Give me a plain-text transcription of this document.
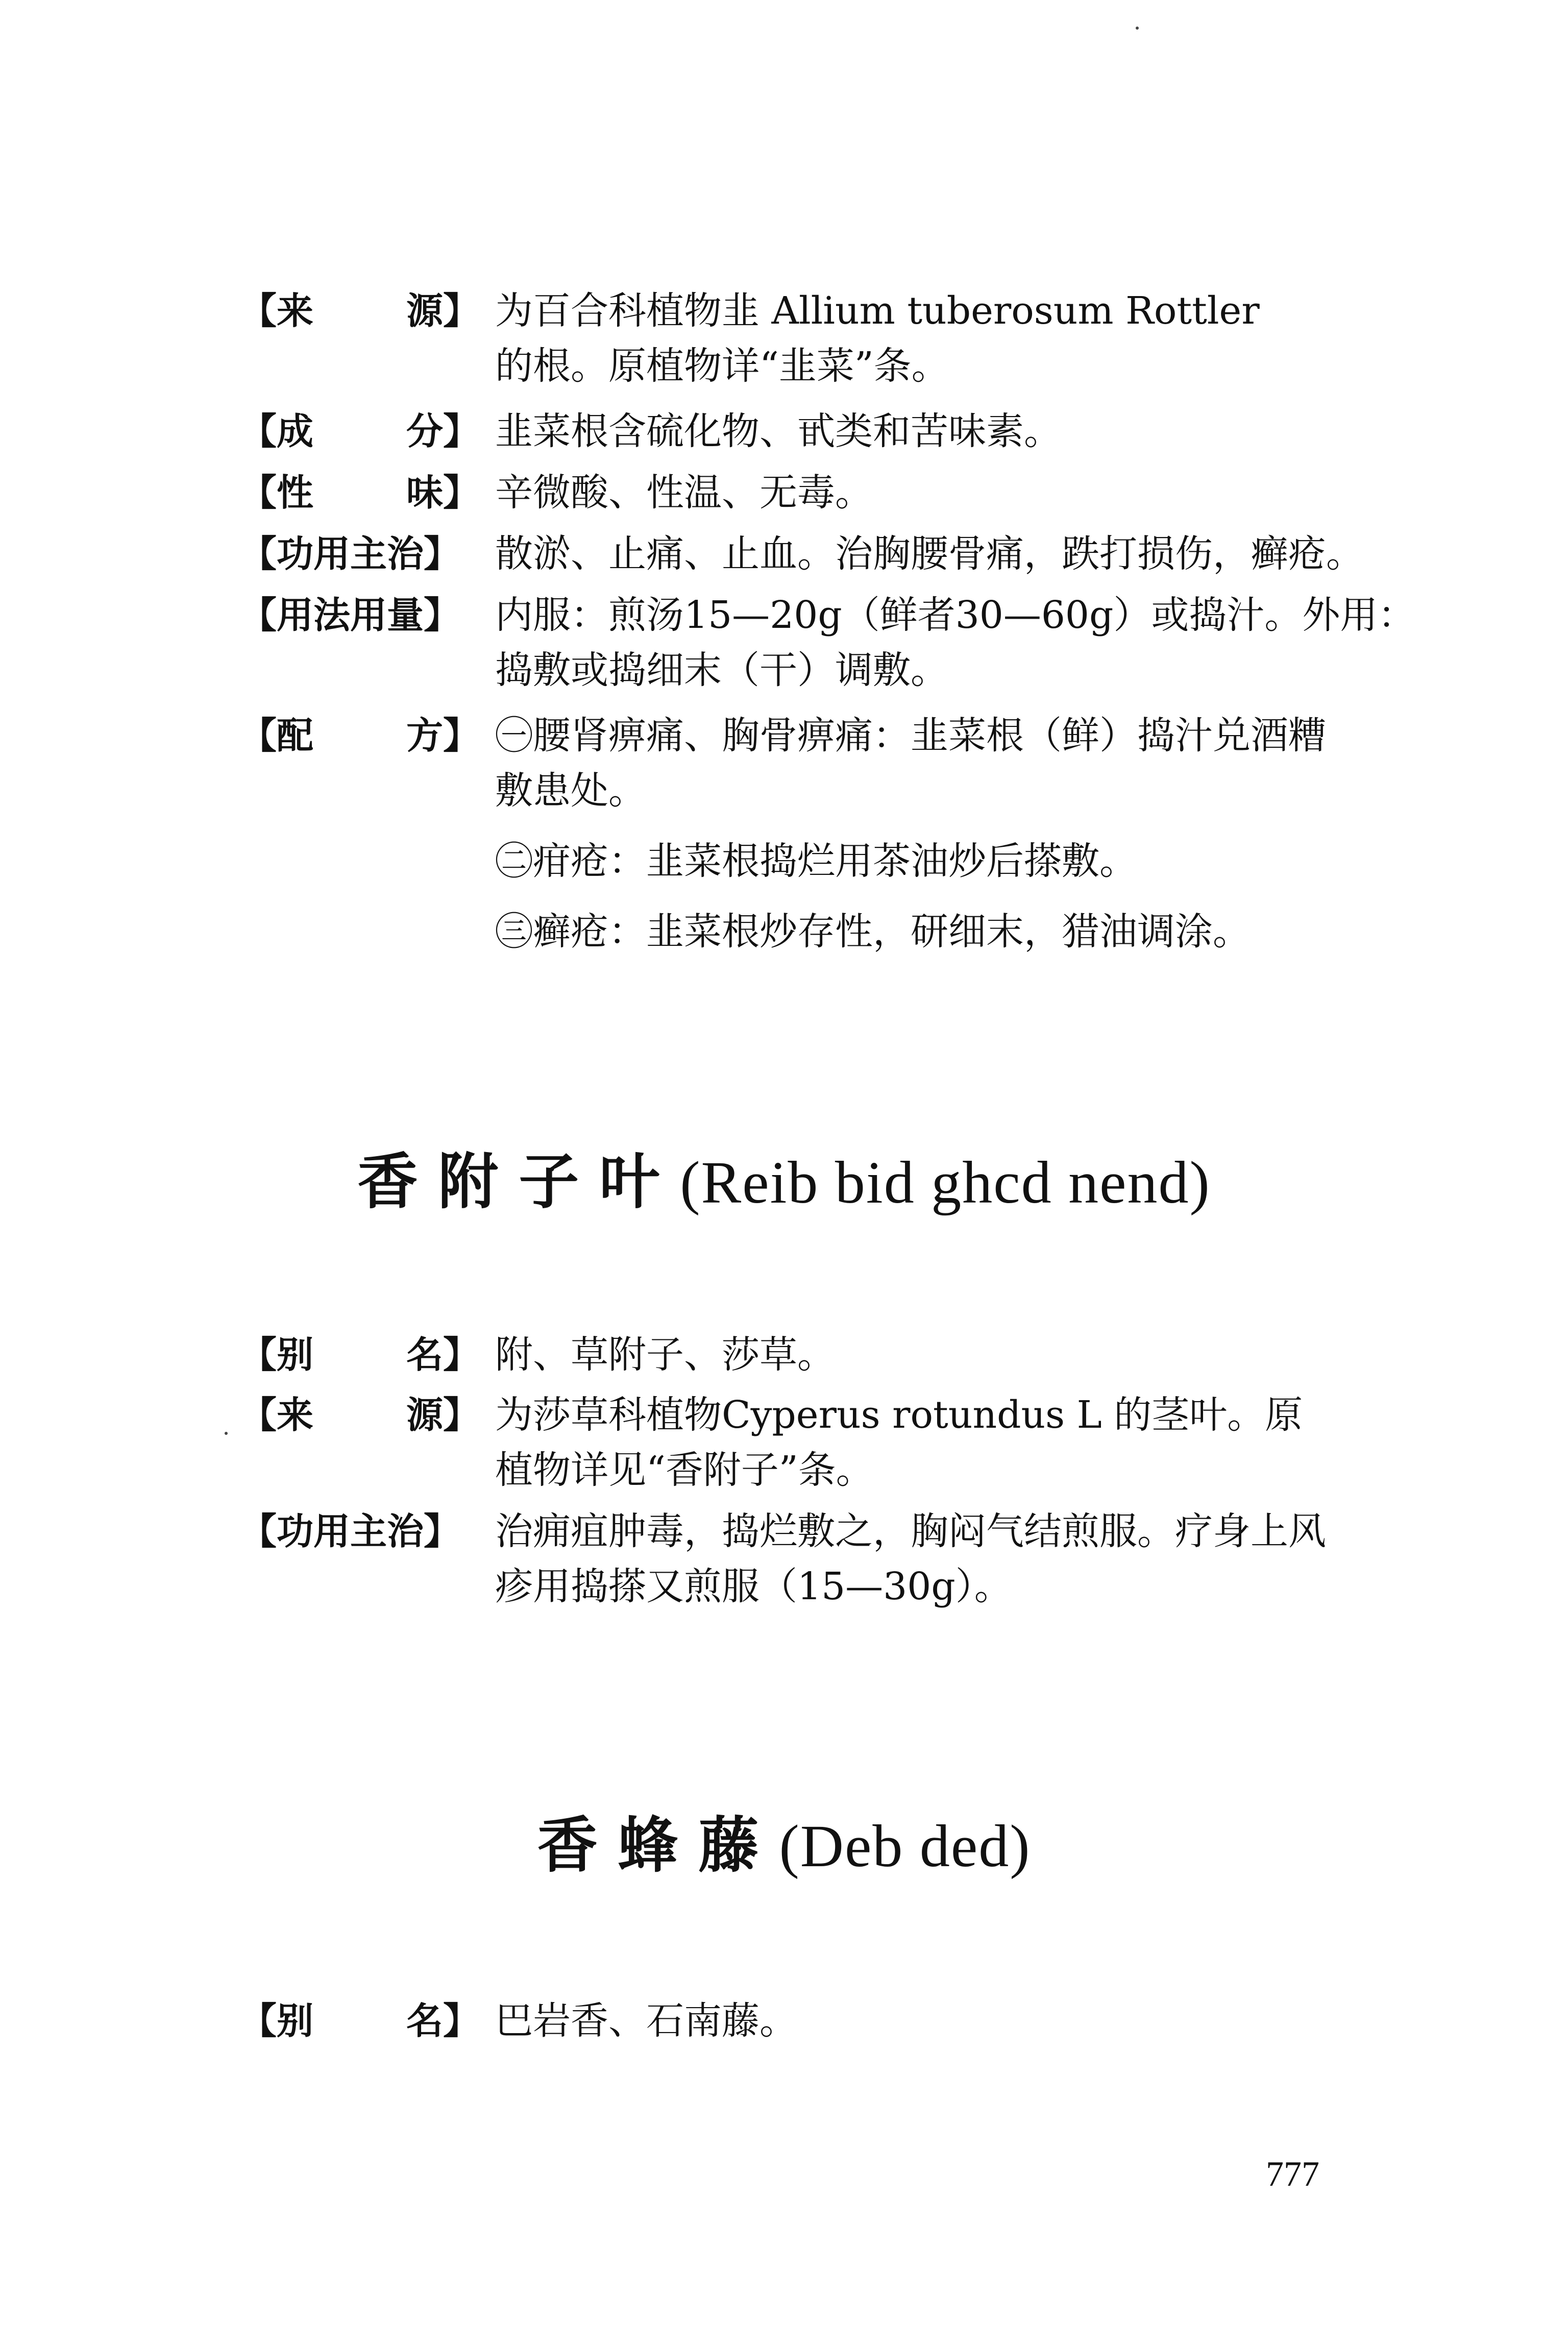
【来	源】 为百合科植物韭 Allium tuberosum Rottler
的根。原植物详“韭菜”条。
【成	分】 韭菜根含硫化物、甙类和苦味素。
【性	味】 辛微酸、性温、无毒。
【功用主治】 散淤、止痛、止血。治胸腰骨痛，跌打损伤，癣疮。
【用法用量】 内服：煎汤15—20g（鲜者30—60g）或捣汁。外用：
捣敷或捣细末（干）调敷。
【配	方】 ㊀腰肾痹痛、胸骨痹痛：韭菜根（鲜）捣汁兑酒糟
敷患处。
㊁疳疮：韭菜根捣烂用茶油炒后搽敷。
㊂癣疮：韭菜根炒存性，研细末，猎油调涂。
香附子叶(Reib bid ghcd nend)
【别	名】 附、草附子、莎草。
【来	源】 为莎草科植物Cyperus rotundus L 的茎叶。原
植物详见“香附子”条。
【功用主治】 治痈疽肿毒，捣烂敷之，胸闷气结煎服。疗身上风
疹用捣搽又煎服（15—30g）。
香蜂藤(Deb ded)
【别	名】 巴岩香、石南藤。
777
